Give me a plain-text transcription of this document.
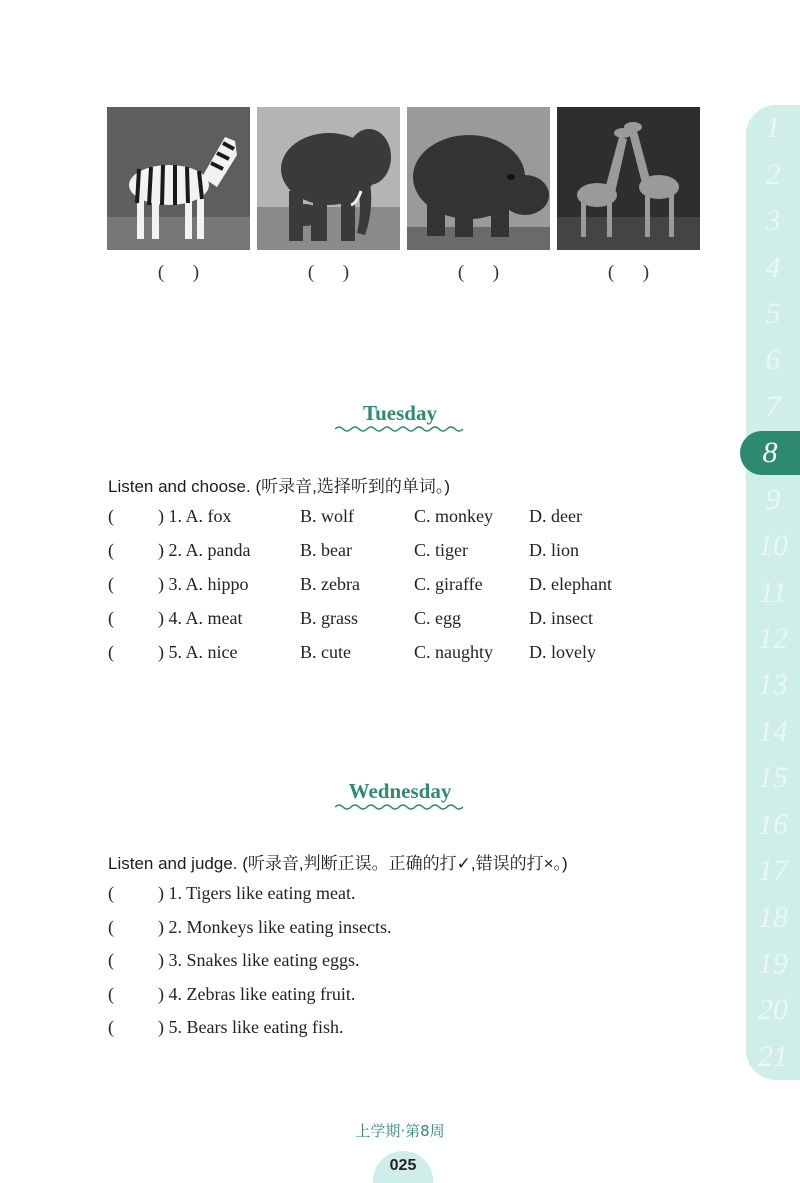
(      )	(      )	(      )	(      )
Tuesday
Listen and choose. (听录音,选择听到的单词。)
( ) 1. A. fox	B. wolf	C. monkey D. deer
( ) 2. A. panda	B. bear	C. tiger	D. lion
( ) 3. A. hippo	B. zebra	C. giraffe	D. elephant
( ) 4. A. meat	B. grass	C. egg	D. insect
( ) 5. A. nice	B. cute	C. naughty D. lovely
Wednesday
Listen and judge. (听录音,判断正误。正确的打✓,错误的打×。)
( ) 1. Tigers like eating meat.
( ) 2. Monkeys like eating insects.
( ) 3. Snakes like eating eggs.
( ) 4. Zebras like eating fruit.
( ) 5. Bears like eating fish.
1
2
3
4
5
6
7
8
9
10
11
12
13
14
15
16
17
18
19
20
21
上学期·第8周
025
